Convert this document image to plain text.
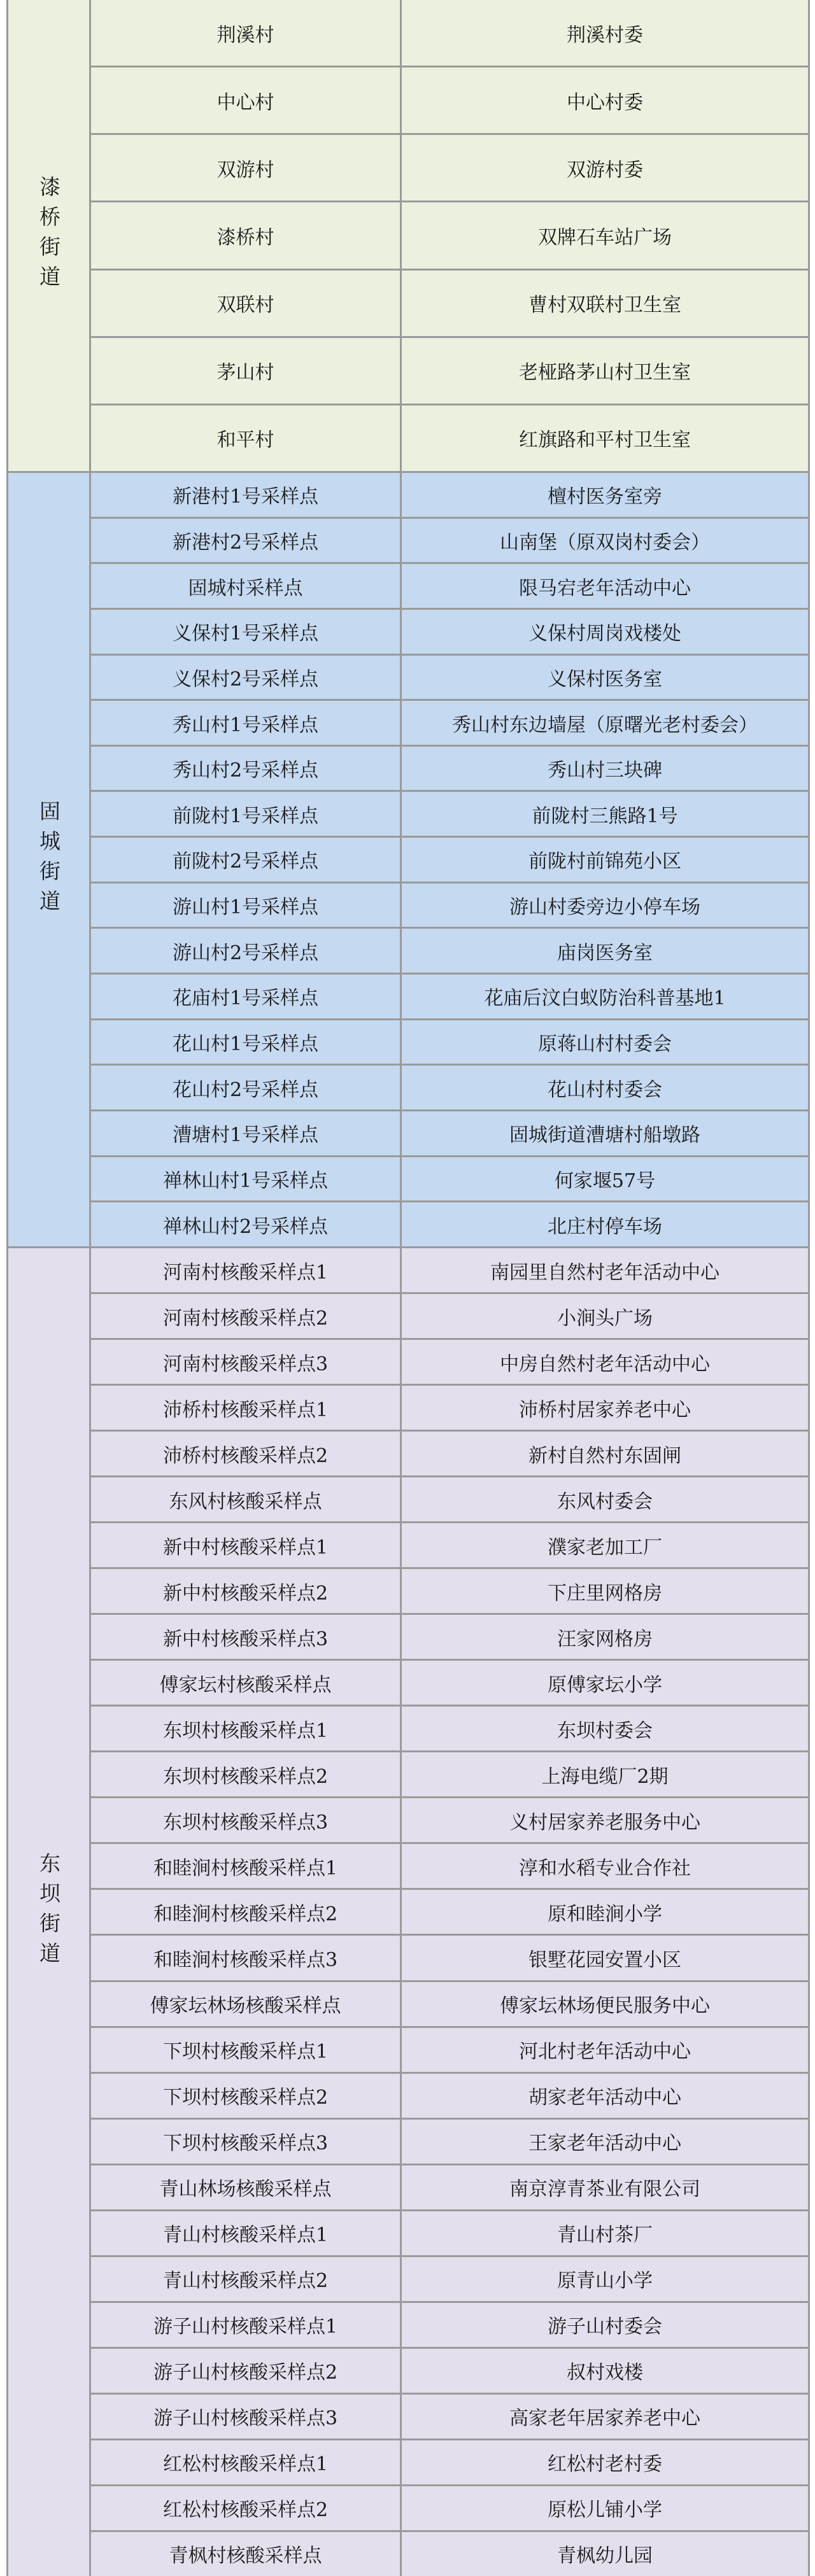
漆桥街道
荆溪村	荆溪村委
中心村	中心村委
双游村	双游村委
漆桥村	双牌石车站广场
双联村	曹村双联村卫生室
茅山村	老桠路茅山村卫生室
和平村	红旗路和平村卫生室
固城街道
新港村1号采样点	檀村医务室旁
新港村2号采样点	山南堡（原双岗村委会）
固城村采样点	限马宕老年活动中心
义保村1号采样点	义保村周岗戏楼处
义保村2号采样点	义保村医务室
秀山村1号采样点	秀山村东边墙屋（原曙光老村委会）
秀山村2号采样点	秀山村三块碑
前陇村1号采样点	前陇村三熊路1号
前陇村2号采样点	前陇村前锦苑小区
游山村1号采样点	游山村委旁边小停车场
游山村2号采样点	庙岗医务室
花庙村1号采样点	花庙后汶白蚁防治科普基地1
花山村1号采样点	原蒋山村村委会
花山村2号采样点	花山村村委会
漕塘村1号采样点	固城街道漕塘村船墩路
禅林山村1号采样点	何家堰57号
禅林山村2号采样点	北庄村停车场
东坝街道
河南村核酸采样点1	南园里自然村老年活动中心
河南村核酸采样点2	小涧头广场
河南村核酸采样点3	中房自然村老年活动中心
沛桥村核酸采样点1	沛桥村居家养老中心
沛桥村核酸采样点2	新村自然村东固闸
东风村核酸采样点	东风村委会
新中村核酸采样点1	濮家老加工厂
新中村核酸采样点2	下庄里网格房
新中村核酸采样点3	汪家网格房
傅家坛村核酸采样点	原傅家坛小学
东坝村核酸采样点1	东坝村委会
东坝村核酸采样点2	上海电缆厂2期
东坝村核酸采样点3	义村居家养老服务中心
和睦涧村核酸采样点1	淳和水稻专业合作社
和睦涧村核酸采样点2	原和睦涧小学
和睦涧村核酸采样点3	银墅花园安置小区
傅家坛林场核酸采样点	傅家坛林场便民服务中心
下坝村核酸采样点1	河北村老年活动中心
下坝村核酸采样点2	胡家老年活动中心
下坝村核酸采样点3	王家老年活动中心
青山林场核酸采样点	南京淳青茶业有限公司
青山村核酸采样点1	青山村茶厂
青山村核酸采样点2	原青山小学
游子山村核酸采样点1	游子山村委会
游子山村核酸采样点2	叔村戏楼
游子山村核酸采样点3	高家老年居家养老中心
红松村核酸采样点1	红松村老村委
红松村核酸采样点2	原松儿铺小学
青枫村核酸采样点	青枫幼儿园
